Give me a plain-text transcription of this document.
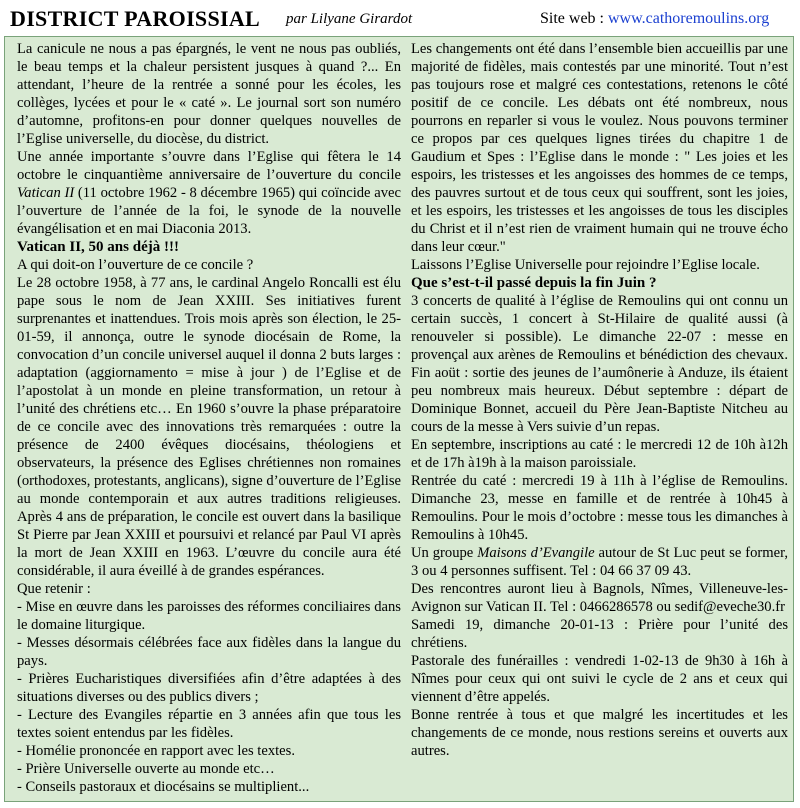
DISTRICT PAROISSIAL par Lilyane Girardot	Site web : www.cathoremoulins.org

La canicule ne nous a pas épargnés, le vent ne nous pas oubliés, le beau temps et la chaleur persistent jusques à quand ?... En attendant, l’heure de la rentrée a sonné pour les écoles, les collèges, lycées et pour le « caté ». Le journal sort son numéro d’automne, profitons-en pour donner quelques nouvelles de l’Eglise universelle, du diocèse, du district.

Une année importante s’ouvre dans l’Eglise qui fêtera le 14 octobre le cinquantième anniversaire de l’ouverture du concile Vatican II (11 octobre 1962 - 8 décembre 1965) qui coïncide avec l’ouverture de l’année de la foi, le synode de la nouvelle évangélisation et en mai Diaconia 2013.

Vatican II, 50 ans déjà !!!

A qui doit-on l’ouverture de ce concile ?

Le 28 octobre 1958, à 77 ans, le cardinal Angelo Roncalli est élu pape sous le nom de Jean XXIII. Ses initiatives furent surprenantes et inattendues. Trois mois après son élection, le 25-01-59, il annonça, outre le synode diocésain de Rome, la convocation d’un concile universel auquel il donna 2 buts larges : adaptation (aggiornamento = mise à jour ) de l’Eglise et de l’apostolat à un monde en pleine transformation, un retour à l’unité des chrétiens etc… En 1960 s’ouvre la phase préparatoire de ce concile avec des innovations très remarquées : outre la présence de 2400 évêques diocésains, théologiens et observateurs, la présence des Eglises chrétiennes non romaines (orthodoxes, protestants, anglicans), signe d’ouverture de l’Eglise au monde contemporain et aux autres traditions religieuses. Après 4 ans de préparation, le concile est ouvert dans la basilique St Pierre par Jean XXIII et poursuivi et relancé par Paul VI après la mort de Jean XXIII en 1963. L’œuvre du concile aura été considérable, il aura éveillé à de grandes espérances.

Que retenir :

- Mise en œuvre dans les paroisses des réformes conciliaires dans le domaine liturgique.

- Messes désormais célébrées face aux fidèles dans la langue du pays.

- Prières Eucharistiques diversifiées afin d’être adaptées à des situations diverses ou des publics divers ;

- Lecture des Evangiles répartie en 3 années afin que tous les textes soient entendus par les fidèles.

- Homélie prononcée en rapport avec les textes.

- Prière Universelle ouverte au monde etc…

- Conseils pastoraux et diocésains se multiplient...

Les changements ont été dans l’ensemble bien accueillis par une majorité de fidèles, mais contestés par une minorité. Tout n’est pas toujours rose et malgré ces contestations, retenons le côté positif de ce concile. Les débats ont été nombreux, nous pourrons en reparler si vous le voulez. Nous pouvons terminer ce propos par ces quelques lignes tirées du chapitre 1 de Gaudium et Spes : l’Eglise dans le monde : " Les joies et les espoirs, les tristesses et les angoisses des hommes de ce temps, des pauvres surtout et de tous ceux qui souffrent, sont les joies, et les espoirs, les tristesses et les angoisses de tous les disciples du Christ et il n’est rien de vraiment humain qui ne trouve écho dans leur cœur."

Laissons l’Eglise Universelle pour rejoindre l’Eglise locale.

Que s’est-t-il passé depuis la fin Juin ?

3 concerts de qualité à l’église de Remoulins qui ont connu un certain succès, 1 concert à St-Hilaire de qualité aussi (à renouveler si possible). Le dimanche 22-07 : messe en provençal aux arènes de Remoulins et bénédiction des chevaux. Fin aoüt : sortie des jeunes de l’aumônerie à Anduze, ils étaient peu nombreux mais heureux. Début septembre : départ de Dominique Bonnet, accueil du Père Jean-Baptiste Nitcheu au cours de la messe à Vers suivie d’un repas.

En septembre, inscriptions au caté : le mercredi 12 de 10h à12h et de 17h à19h à la maison paroissiale.

Rentrée du caté : mercredi 19 à 11h à l’église de Remoulins. Dimanche 23, messe en famille et de rentrée à 10h45 à Remoulins. Pour le mois d’octobre : messe tous les dimanches à Remoulins à 10h45.

Un groupe Maisons d’Evangile autour de St Luc peut se former, 3 ou 4 personnes suffisent. Tel : 04 66 37 09 43.

Des rencontres auront lieu à Bagnols, Nîmes, Villeneuve-les-Avignon sur Vatican II. Tel : 0466286578 ou sedif@eveche30.fr

Samedi 19, dimanche 20-01-13 : Prière pour l’unité des chrétiens.

Pastorale des funérailles : vendredi 1-02-13 de 9h30 à 16h à Nîmes pour ceux qui ont suivi le cycle de 2 ans et ceux qui viennent d’être appelés.

Bonne rentrée à tous et que malgré les incertitudes et les changements de ce monde, nous restions sereins et ouverts aux autres.
